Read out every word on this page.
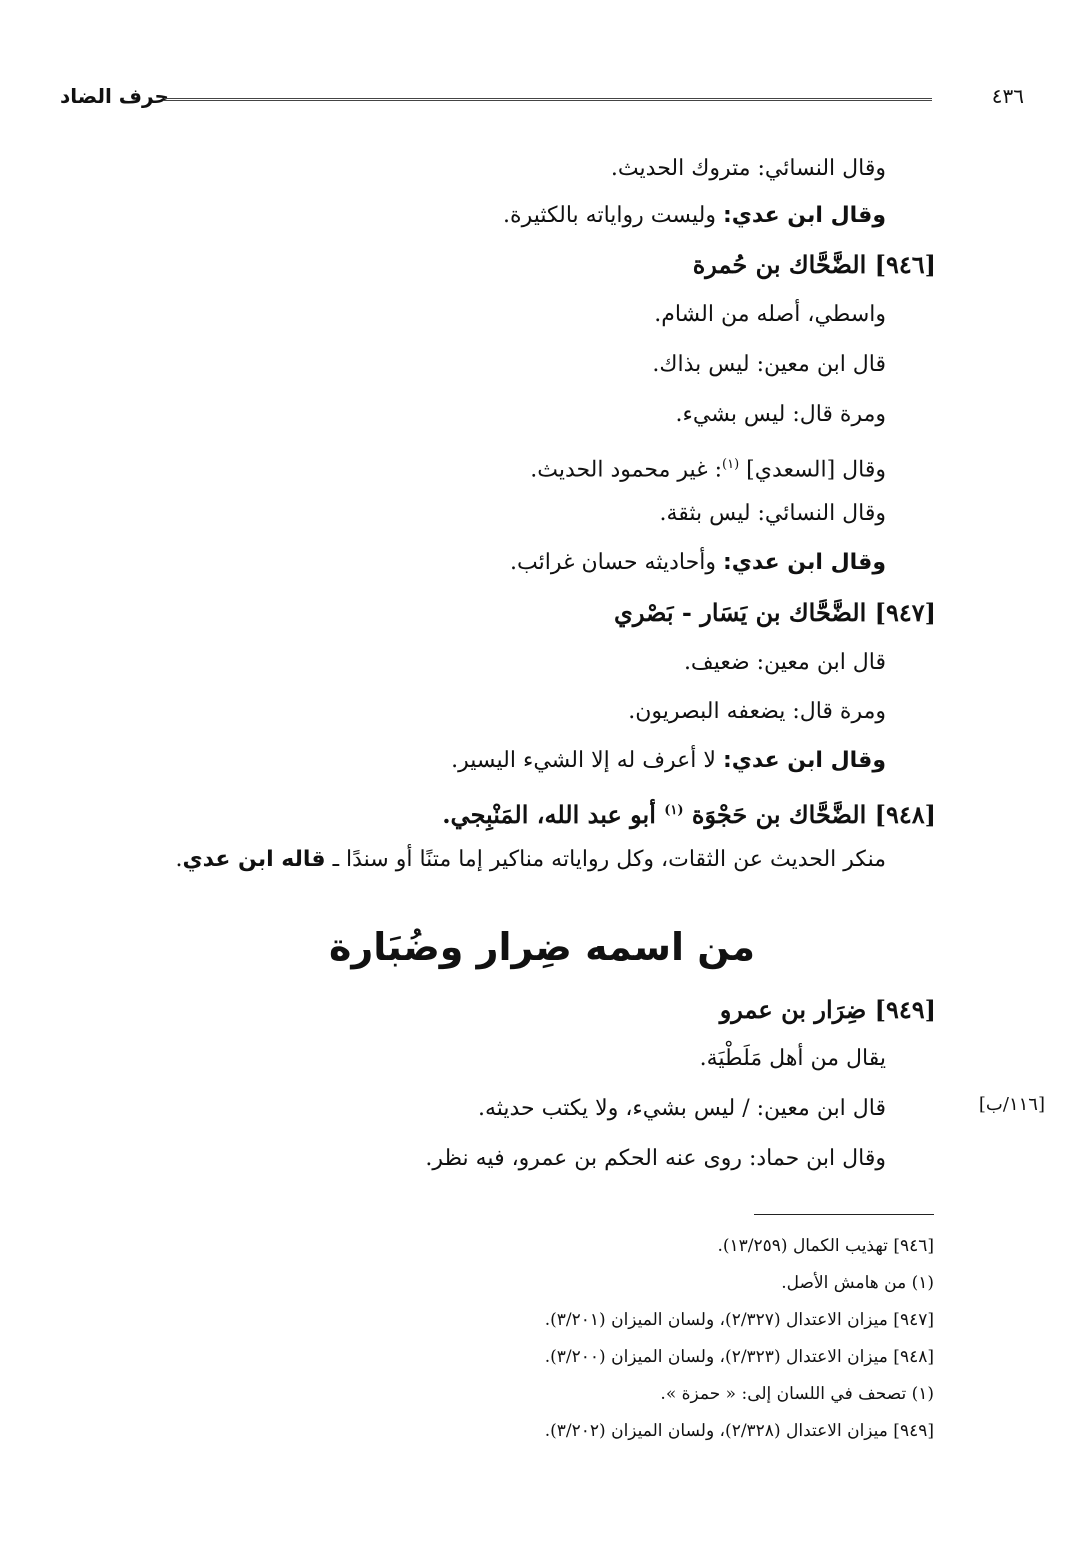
حرف الضاد	٤٣٦
وقال النسائي: متروك الحديث.
وقال ابن عدي: وليست رواياته بالكثيرة.
[٩٤٦] الضَّحَّاك بن حُمرة
واسطي، أصله من الشام.
قال ابن معين: ليس بذاك.
ومرة قال: ليس بشيء.
وقال [السعدي] $^{(١)}$: غير محمود الحديث.
وقال النسائي: ليس بثقة.
وقال ابن عدي: وأحاديثه حسان غرائب.
[٩٤٧] الضَّحَّاك بن يَسَار - بَصْري
قال ابن معين: ضعيف.
ومرة قال: يضعفه البصريون.
وقال ابن عدي: لا أعرف له إلا الشيء اليسير.
[٩٤٨] الضَّحَّاك بن حَجْوَة $^{(١)}$ أبو عبد الله، المَنْبِجي.
منكر الحديث عن الثقات، وكل رواياته مناكير إما متنًا أو سندًا ـ قاله ابن عدي.
من اسمه ضِرار وضُبَارة
[٩٤٩] ضِرَار بن عمرو
يقال من أهل مَلَطْيَة.
قال ابن معين: / ليس بشيء، ولا يكتب حديثه.	[١١٦/ب]
وقال ابن حماد: روى عنه الحكم بن عمرو، فيه نظر.
[٩٤٦] تهذيب الكمال (١٣/٢٥٩).
(١) من هامش الأصل.
[٩٤٧] ميزان الاعتدال (٢/٣٢٧)، ولسان الميزان (٣/٢٠١).
[٩٤٨] ميزان الاعتدال (٢/٣٢٣)، ولسان الميزان (٣/٢٠٠).
(١) تصحف في اللسان إلى: « حمزة ».
[٩٤٩] ميزان الاعتدال (٢/٣٢٨)، ولسان الميزان (٣/٢٠٢).
